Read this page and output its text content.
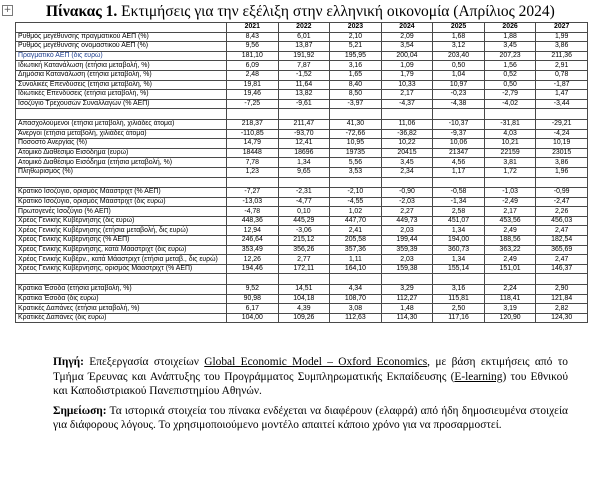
+ Πίνακας 1. Εκτιμήσεις για την εξέλιξη στην ελληνική οικονομία (Απρίλιος 2024)
	2021	2022	2023	2024	2025	2026	2027
Ρυθμός μεγέθυνσης πραγματικού ΑΕΠ (%)	8,43	6,01	2,10	2,09	1,68	1,88	1,99
Ρυθμός μεγέθυνσης ονομαστικού ΑΕΠ (%)	9,56	13,87	5,21	3,54	3,12	3,45	3,86
Πραγματικό ΑΕΠ (δις ευρώ)	181,10	191,92	195,95	200,04	203,40	207,23	211,36
Ιδιωτική Κατανάλωση (ετήσια μεταβολή, %)	6,09	7,87	3,16	1,09	0,50	1,56	2,91
Δημόσια Κατανάλωση (ετήσια μεταβολή, %)	2,48	-1,52	1,65	1,79	1,04	0,52	0,78
Συνολικές Επενδύσεις (ετήσια μεταβολή, %)	19,81	11,64	8,40	10,33	10,97	0,50	-1,87
Ιδιωτικές Επενδύσεις (ετήσια μεταβολή, %)	19,46	13,82	8,50	2,17	-0,23	-2,79	1,47
Ισοζύγιο Τρεχουσών Συναλλαγών (% ΑΕΠ)	-7,25	-9,61	-3,97	-4,37	-4,38	-4,02	-3,44

Απασχολούμενοι (ετήσια μεταβολή, χιλιάδες άτομα)	218,37	211,47	41,30	11,06	-10,37	-31,81	-29,21
Άνεργοι (ετήσια μεταβολή, χιλιάδες άτομα)	-110,85	-93,70	-72,66	-36,82	-9,37	4,03	-4,24
Ποσοστό Ανεργίας (%)	14,79	12,41	10,95	10,22	10,06	10,21	10,19
Ατομικό Διαθέσιμο Εισόδημα (ευρώ)	18448	18696	19735	20415	21347	22159	23015
Ατομικό Διαθέσιμο Εισόδημα (ετήσια μεταβολή, %)	7,78	1,34	5,56	3,45	4,56	3,81	3,86
Πληθωρισμός (%)	1,23	9,65	3,53	2,34	1,17	1,72	1,96

Κρατικό Ισοζύγιο, ορισμός Μάαστριχτ (% ΑΕΠ)	-7,27	-2,31	-2,10	-0,90	-0,58	-1,03	-0,99
Κρατικό Ισοζύγιο, ορισμός Μάαστριχτ (δις ευρώ)	-13,03	-4,77	-4,55	-2,03	-1,34	-2,49	-2,47
Πρωτογενές Ισοζύγιο (% ΑΕΠ)	-4,78	0,10	1,02	2,27	2,58	2,17	2,26
Χρέος Γενικής Κυβέρνησης (δις ευρώ)	448,36	445,29	447,70	449,73	451,07	453,56	456,03
Χρέος Γενικής Κυβέρνησης (ετήσια μεταβολή, δις ευρώ)	12,94	-3,06	2,41	2,03	1,34	2,49	2,47
Χρέος Γενικής Κυβέρνησης (% ΑΕΠ)	246,64	215,12	205,58	199,44	194,00	188,56	182,54
Χρέος Γενικής Κυβέρνησης, κατά Μάαστριχτ (δις ευρώ)	353,49	356,26	357,36	359,39	360,73	363,22	365,69
Χρέος Γενικής Κυβέρν., κατά Μάαστριχτ (ετήσια μεταβ., δις ευρώ)	12,26	2,77	1,11	2,03	1,34	2,49	2,47
Χρέος Γενικής Κυβέρνησης, ορισμός Μάαστριχτ (% ΑΕΠ)	194,46	172,11	164,10	159,38	155,14	151,01	146,37

Κρατικά Έσοδα (ετήσια μεταβολή, %)	9,52	14,51	4,34	3,29	3,16	2,24	2,90
Κρατικά Έσοδα (δις ευρώ)	90,98	104,18	108,70	112,27	115,81	118,41	121,84
Κρατικές Δαπάνες (ετήσια μεταβολή, %)	6,17	4,39	3,08	1,48	2,50	3,19	2,82
Κρατικές Δαπάνες (δις ευρώ)	104,00	109,26	112,63	114,30	117,16	120,90	124,30

Πηγή: Επεξεργασία στοιχείων Global Economic Model – Oxford Economics, με βάση εκτιμήσεις από το Τμήμα Έρευνας και Ανάπτυξης του Προγράμματος Συμπληρωματικής Εκπαίδευσης (E-learning) του Εθνικού και Καποδιστριακού Πανεπιστημίου Αθηνών.

Σημείωση: Τα ιστορικά στοιχεία του πίνακα ενδέχεται να διαφέρουν (ελαφρά) από ήδη δημοσιευμένα στοιχεία για διάφορους λόγους. Το χρησιμοποιούμενο μοντέλο απαιτεί κάποιο χρόνο για να προσαρμοστεί.
